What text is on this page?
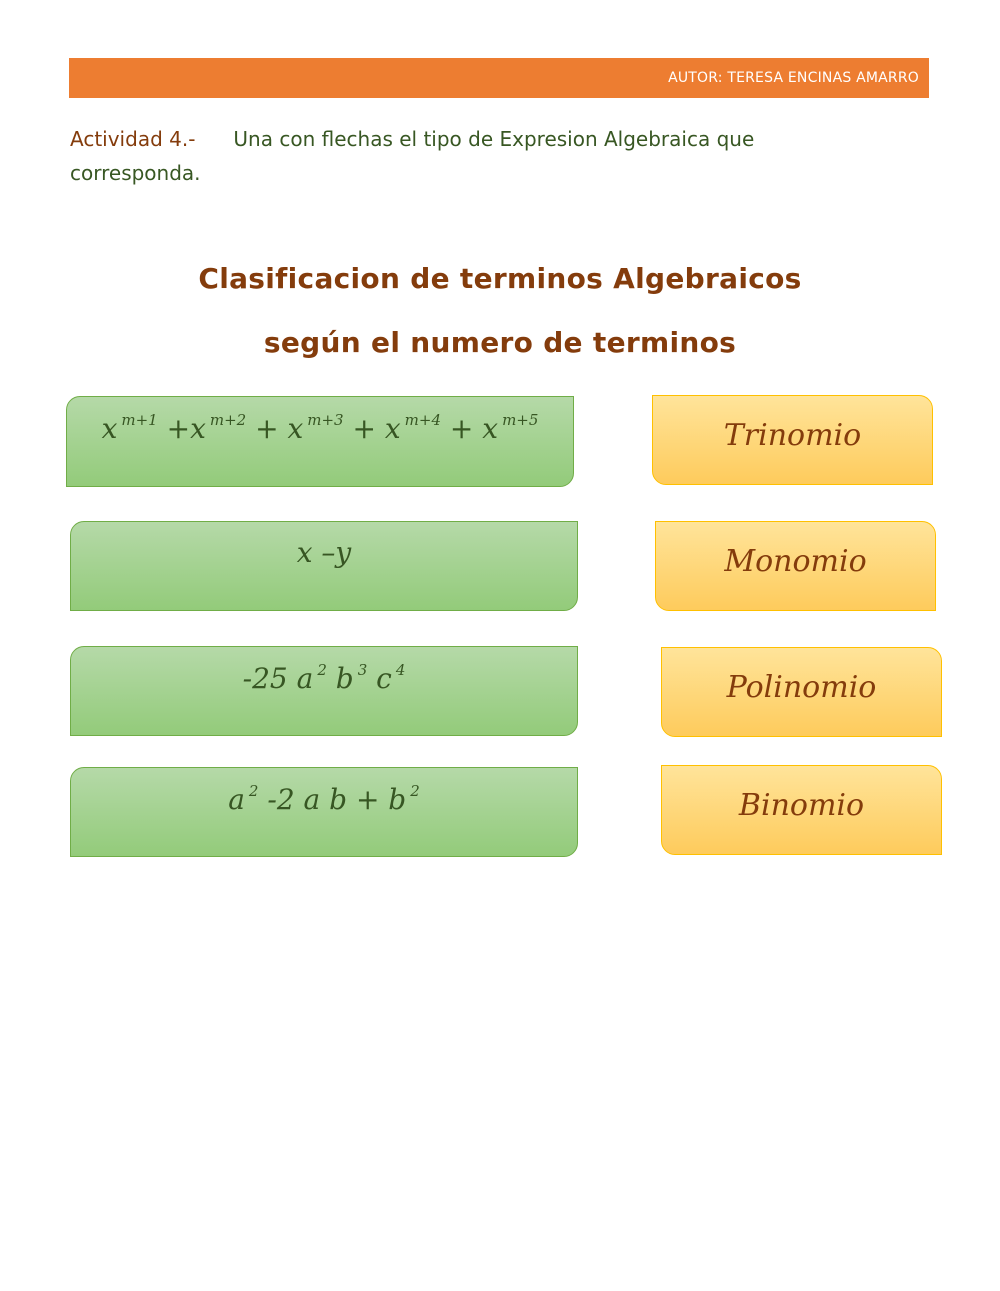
AUTOR: TERESA ENCINAS AMARRO
Actividad 4.- Una con flechas el tipo de Expresion Algebraica que corresponda.
Clasificacion de terminos Algebraicos
según el numero de terminos
x $^{m+1}$ +x $^{m+2}$ + x $^{m+3}$ + x $^{m+4}$ + x $^{m+5}$
x –y
-25 a $^2$ b $^3$ c $^4$
a $^2$ -2 a b + b $^2$
Trinomio
Monomio
Polinomio
Binomio
